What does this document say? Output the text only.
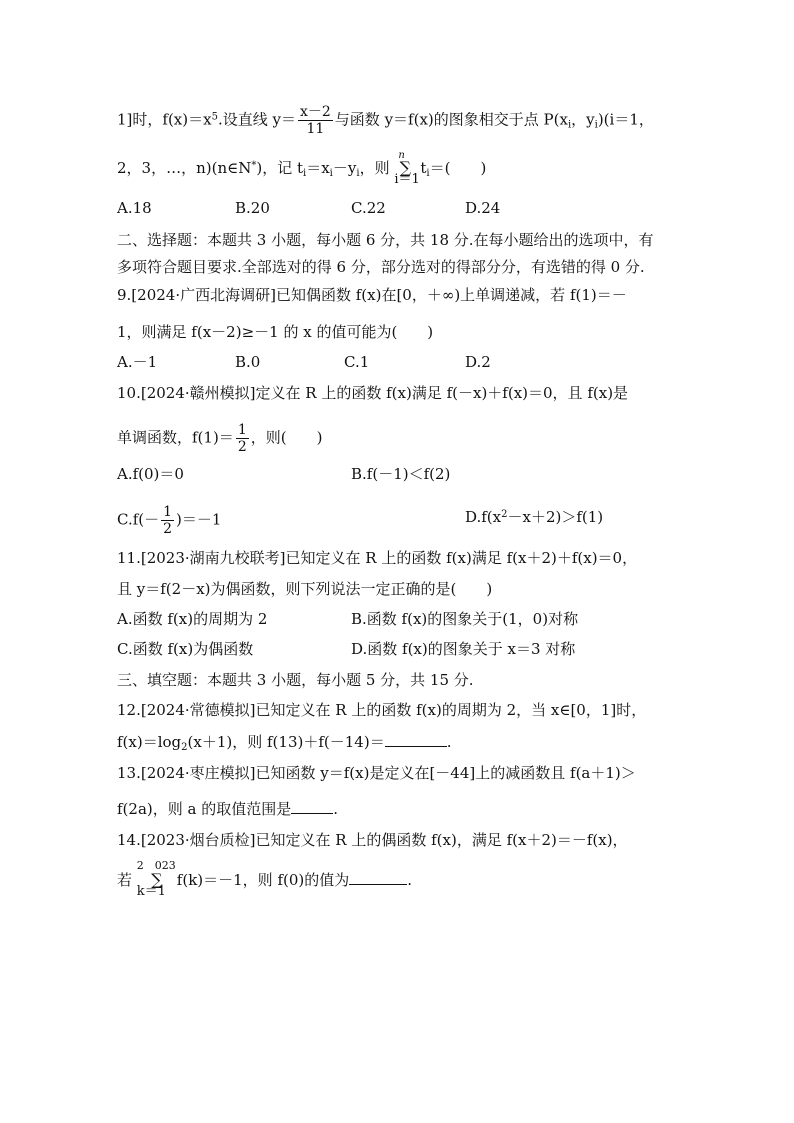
1]时，$f(x)=x^5$.设直线 $y= \frac{x-2}{11}$ 与函数 y＝f(x)的图象相交于点 $P(x_i$，$y_i)(i=1$，
2，3，…，n)(n∈N*)，记 $t_i=x_i-y_i$，则
n
∑
i＝1
$t_i=$(　　)
A.18	B.20	C.22	D.24
二、选择题：本题共 3 小题，每小题 6 分，共 18 分.在每小题给出的选项中，有
多项符合题目要求.全部选对的得 6 分，部分选对的得部分分，有选错的得 0 分.
9.[2024·广西北海调研]已知偶函数 f(x)在[0，＋∞)上单调递减，若 f(1)＝－
1，则满足 f(x－2)≥－1 的 x 的值可能为(　　)
A.－1	B.0	C.1	D.2
10.[2024·赣州模拟]定义在 R 上的函数 f(x)满足 f(－x)＋f(x)＝0，且 f(x)是
单调函数，$f(1)= \frac{1}{2}$ ，则(　　)
A.f(0)＝0	B.f(－1)＜f(2)
$C.f(- \frac{1}{2} )=-1$	$D.f(x^2-x+2)>f(1)$
11.[2023·湖南九校联考]已知定义在 R 上的函数 f(x)满足 f(x＋2)＋f(x)＝0，
且 y＝f(2－x)为偶函数，则下列说法一定正确的是(　　)
A.函数 f(x)的周期为 2	B.函数 f(x)的图象关于(1，0)对称
C.函数 f(x)为偶函数	D.函数 f(x)的图象关于 x＝3 对称
三、填空题：本题共 3 小题，每小题 5 分，共 15 分.
12.[2024·常德模拟]已知定义在 R 上的函数 f(x)的周期为 2，当 x∈[0，1]时，
$f(x)=\log_2(x+1)$，则 f(13)＋f(－14)＝	.
13.[2024·枣庄模拟]已知函数 y＝f(x)是定义在[－44]上的减函数且 f(a＋1)＞
f(2a)，则 a 的取值范围是	.
14.[2023·烟台质检]已知定义在 R 上的偶函数 f(x)，满足 f(x＋2)＝－f(x)，
若
2　023
∑
k＝1
f(k)＝－1，则 f(0)的值为	.
